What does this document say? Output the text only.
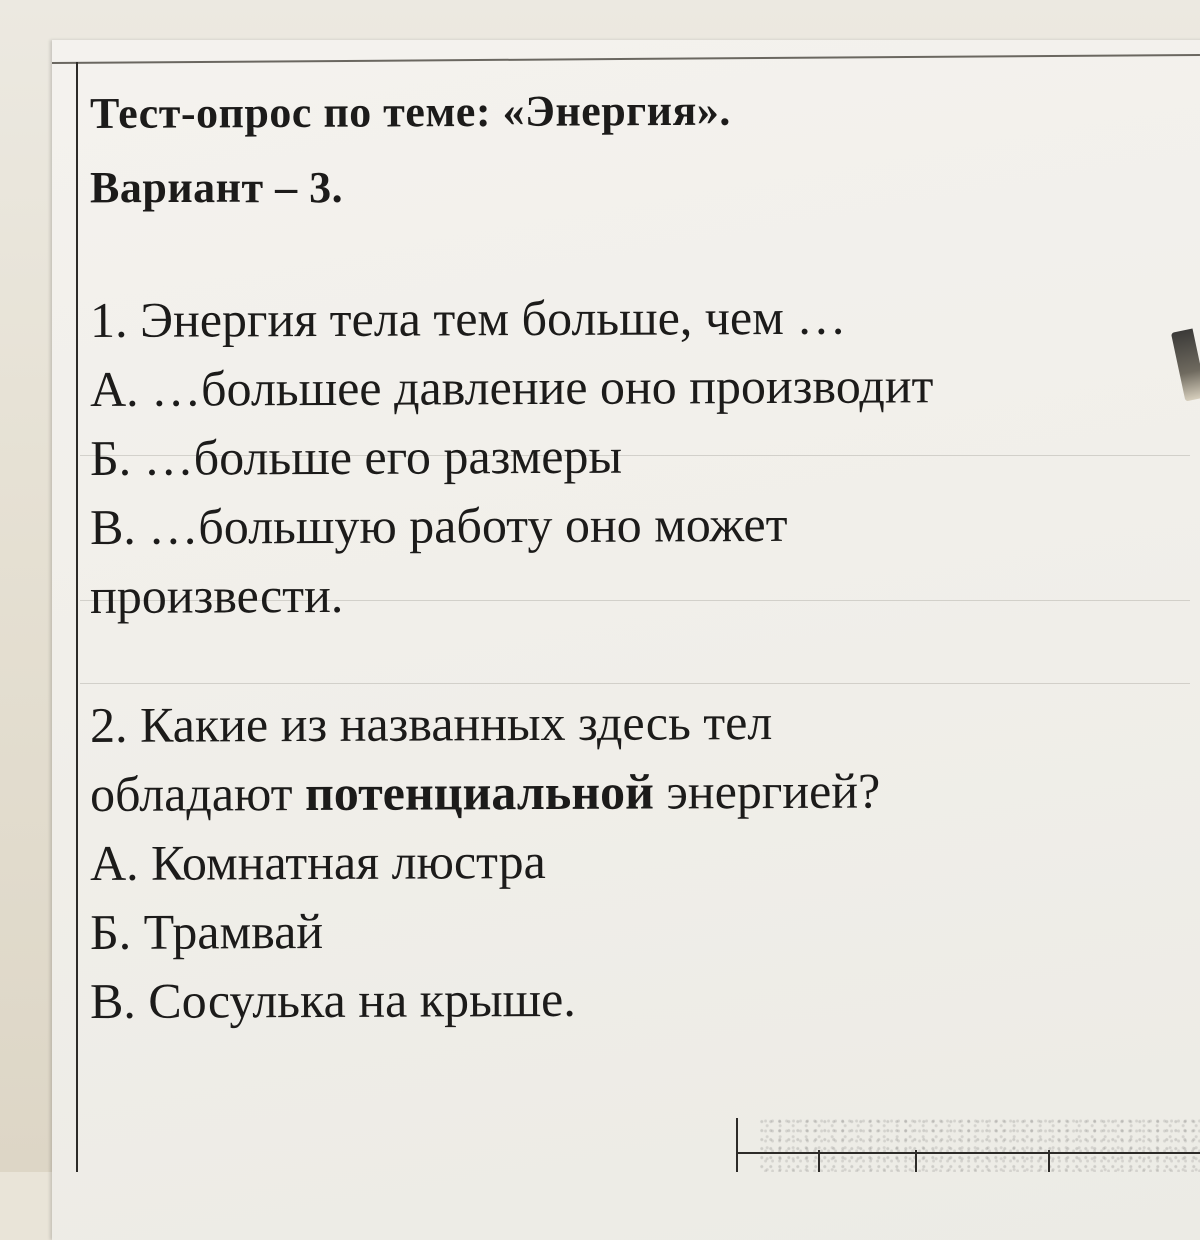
Тест-опрос по теме: «Энергия».
Вариант – 3.
1. Энергия тела тем больше, чем …
А. …большее давление оно производит
Б. …больше его размеры
В. …большую работу оно может
произвести.
2. Какие из названных здесь тел
обладают потенциальной энергией?
А. Комнатная люстра
Б. Трамвай
В. Сосулька на крыше.
